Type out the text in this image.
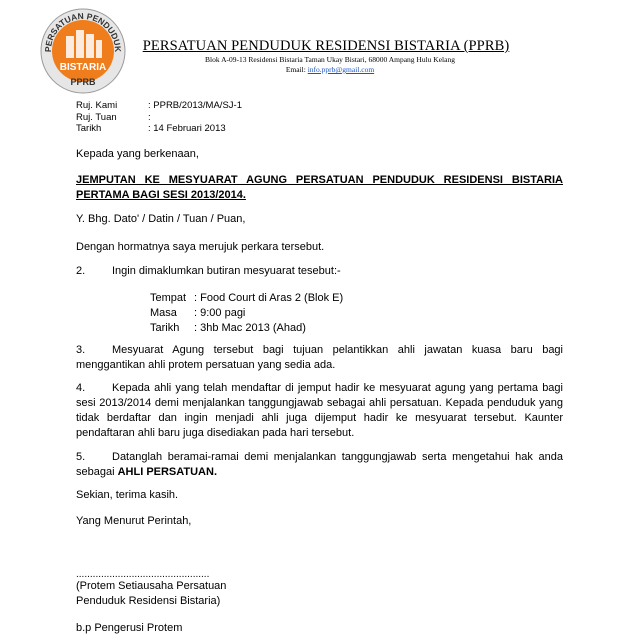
PERSATUAN PENDUDUK
BISTARIA
PPRB
PERSATUAN PENDUDUK RESIDENSI BISTARIA (PPRB)
Blok A-09-13 Residensi Bistaria Taman Ukay Bistari, 68000 Ampang Hulu Kelang
Email: info.pprb@gmail.com
Ruj. Kami	: PPRB/2013/MA/SJ-1
Ruj. Tuan	:
Tarikh	: 14 Februari 2013
Kepada yang berkenaan,
JEMPUTAN KE MESYUARAT AGUNG PERSATUAN PENDUDUK RESIDENSI BISTARIA PERTAMA BAGI SESI 2013/2014.
Y. Bhg. Dato' / Datin / Tuan / Puan,
Dengan hormatnya saya merujuk perkara tersebut.
2. Ingin dimaklumkan butiran mesyuarat tesebut:-
Tempat : Food Court di Aras 2 (Blok E)
Masa : 9:00 pagi
Tarikh : 3hb Mac 2013 (Ahad)
3. Mesyuarat Agung tersebut bagi tujuan pelantikkan ahli jawatan kuasa baru bagi menggantikan ahli protem persatuan yang sedia ada.
4. Kepada ahli yang telah mendaftar di jemput hadir ke mesyuarat agung yang pertama bagi sesi 2013/2014 demi menjalankan tanggungjawab sebagai ahli persatuan. Kepada penduduk yang tidak berdaftar dan ingin menjadi ahli juga dijemput hadir ke mesyuarat tersebut. Kaunter pendaftaran ahli baru juga disediakan pada hari tersebut.
5. Datanglah beramai-ramai demi menjalankan tanggungjawab serta mengetahui hak anda sebagai AHLI PERSATUAN.
Sekian, terima kasih.
Yang Menurut Perintah,
................................................
(Protem Setiausaha Persatuan
Penduduk Residensi Bistaria)
b.p Pengerusi Protem
